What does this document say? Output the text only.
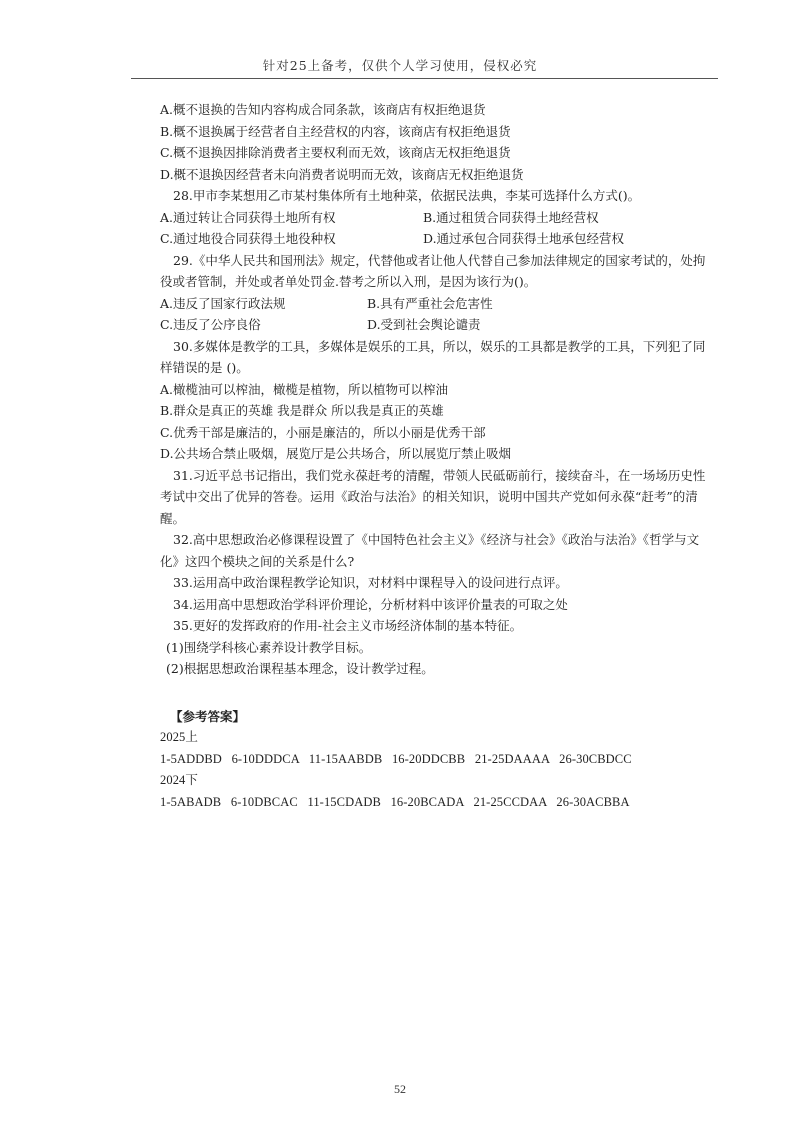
针对25上备考，仅供个人学习使用，侵权必究
A.概不退换的告知内容构成合同条款，该商店有权拒绝退货
B.概不退换属于经营者自主经营权的内容，该商店有权拒绝退货
C.概不退换因排除消费者主要权利而无效，该商店无权拒绝退货
D.概不退换因经营者未向消费者说明而无效，该商店无权拒绝退货
28.甲市李某想用乙市某村集体所有土地种菜，依据民法典，李某可选择什么方式()。
A.通过转让合同获得土地所有权	B.通过租赁合同获得土地经营权
C.通过地役合同获得土地役种权	D.通过承包合同获得土地承包经营权
29.《中华人民共和国刑法》规定，代替他或者让他人代替自己参加法律规定的国家考试的，处拘役或者管制，并处或者单处罚金.替考之所以入刑，是因为该行为()。
A.违反了国家行政法规	B.具有严重社会危害性
C.违反了公序良俗	D.受到社会舆论谴责
30.多媒体是教学的工具，多媒体是娱乐的工具，所以，娱乐的工具都是教学的工具，下列犯了同样错误的是 ()。
A.橄榄油可以榨油，橄榄是植物，所以植物可以榨油
B.群众是真正的英雄 我是群众 所以我是真正的英雄
C.优秀干部是廉洁的，小丽是廉洁的，所以小丽是优秀干部
D.公共场合禁止吸烟，展览厅是公共场合，所以展览厅禁止吸烟
31.习近平总书记指出，我们党永葆赶考的清醒，带领人民砥砺前行，接续奋斗，在一场场历史性考试中交出了优异的答卷。运用《政治与法治》的相关知识，说明中国共产党如何永葆“赶考”的清醒。
32.高中思想政治必修课程设置了《中国特色社会主义》《经济与社会》《政治与法治》《哲学与文化》这四个模块之间的关系是什么?
33.运用高中政治课程教学论知识，对材料中课程导入的设问进行点评。
34.运用高中思想政治学科评价理论，分析材料中该评价量表的可取之处
35.更好的发挥政府的作用-社会主义市场经济体制的基本特征。
(1)围绕学科核心素养设计教学目标。
(2)根据思想政治课程基本理念，设计教学过程。
【参考答案】
2025上
1-5ADDBD   6-10DDDCA   11-15AABDB   16-20DDCBB   21-25DAAAA   26-30CBDCC
2024下
1-5ABADB   6-10DBCAC   11-15CDADB   16-20BCADA   21-25CCDAA   26-30ACBBA
52
